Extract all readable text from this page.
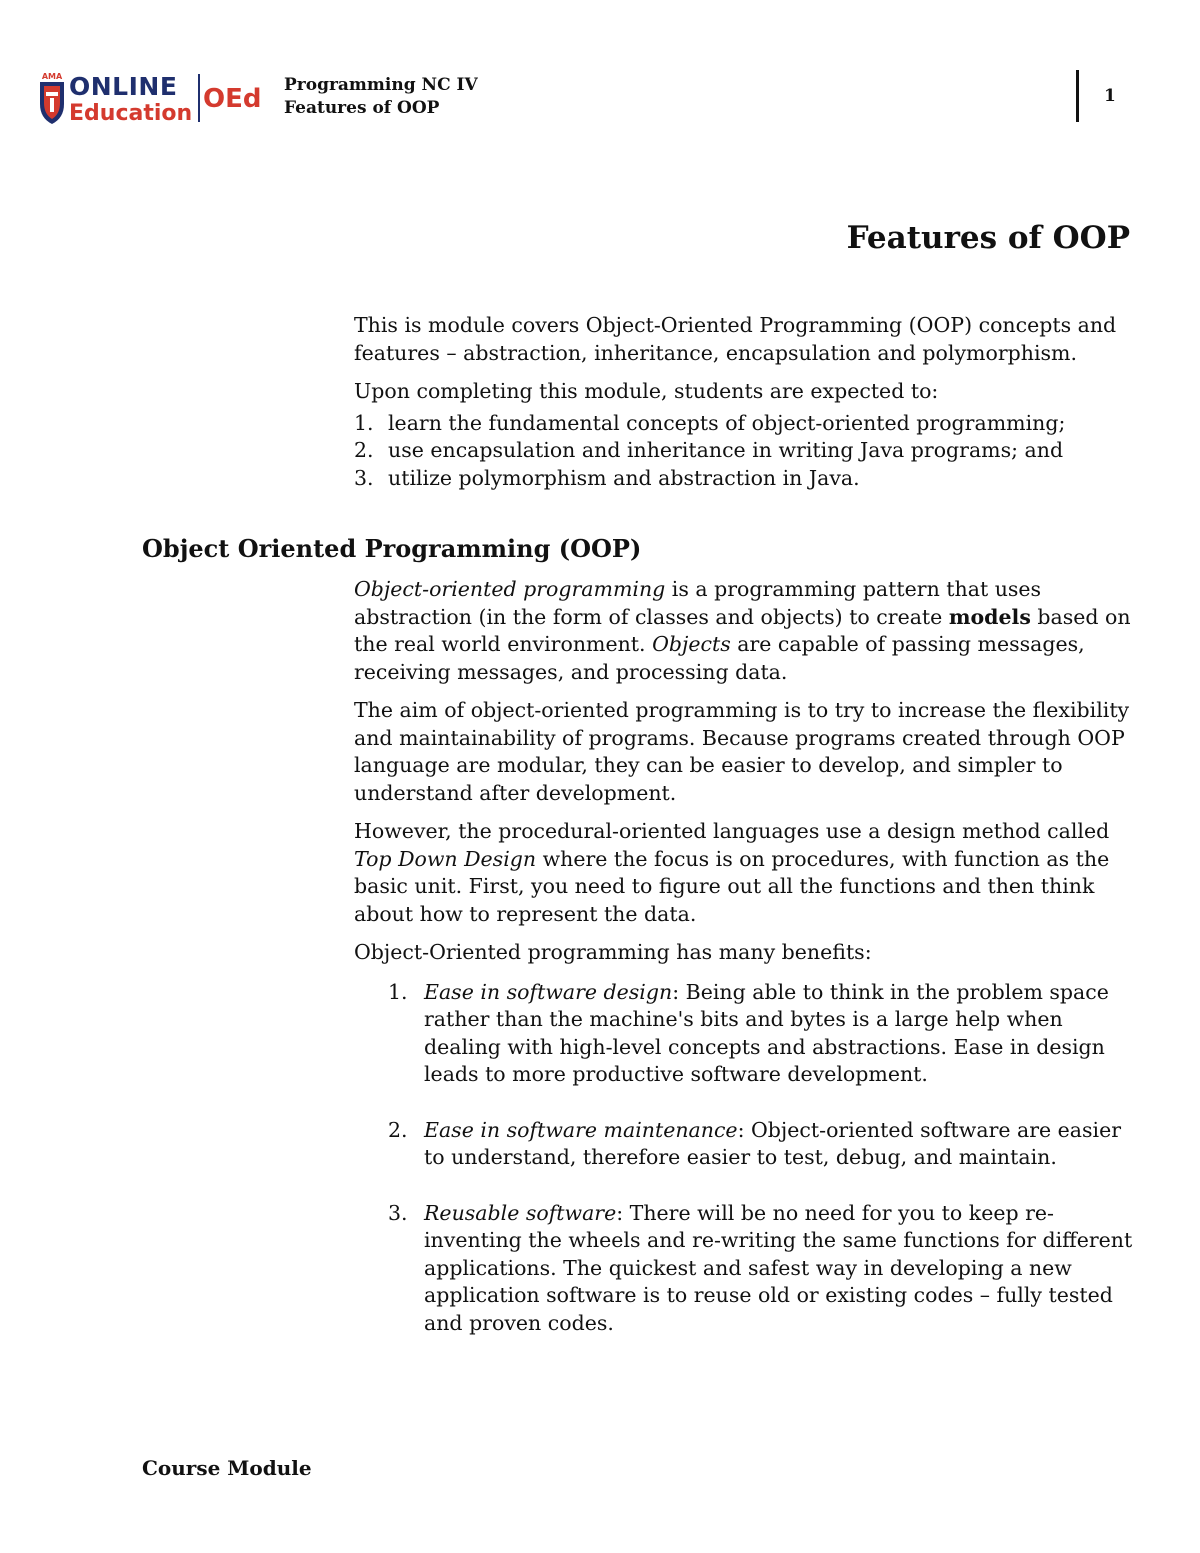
AMA ONLINE
Education OEd Programming NC IV
Features of OOP
1
Features of OOP

This is module covers Object-Oriented Programming (OOP) concepts and features – abstraction, inheritance, encapsulation and polymorphism.

Upon completing this module, students are expected to:

1. learn the fundamental concepts of object-oriented programming;
2. use encapsulation and inheritance in writing Java programs; and
3. utilize polymorphism and abstraction in Java.
Object Oriented Programming (OOP)

Object-oriented programming is a programming pattern that uses abstraction (in the form of classes and objects) to create models based on the real world environment. Objects are capable of passing messages, receiving messages, and processing data.

The aim of object-oriented programming is to try to increase the flexibility and maintainability of programs. Because programs created through OOP language are modular, they can be easier to develop, and simpler to understand after development.

However, the procedural-oriented languages use a design method called Top Down Design where the focus is on procedures, with function as the basic unit. First, you need to figure out all the functions and then think about how to represent the data.

Object-Oriented programming has many benefits:

1. Ease in software design: Being able to think in the problem space rather than the machine's bits and bytes is a large help when dealing with high-level concepts and abstractions. Ease in design leads to more productive software development.
2. Ease in software maintenance: Object-oriented software are easier to understand, therefore easier to test, debug, and maintain.
3. Reusable software: There will be no need for you to keep re-inventing the wheels and re-writing the same functions for different applications. The quickest and safest way in developing a new application software is to reuse old or existing codes – fully tested and proven codes.
Course Module
